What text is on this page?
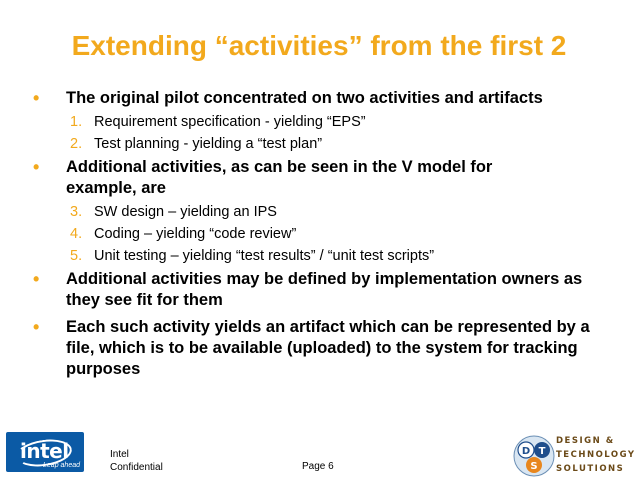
Extending “activities” from the first 2
• The original pilot concentrated on two activities and artifacts
1. Requirement specification - yielding “EPS”
2. Test planning - yielding a “test plan”
• Additional activities, as can be seen in the V model for example, are
3. SW design – yielding an IPS
4. Coding – yielding “code review”
5. Unit testing – yielding “test results” / “unit test scripts”
• Additional activities may be defined by implementation owners as they see fit for them
• Each such activity yields an artifact which can be represented by a file, which is to be available (uploaded) to the system for tracking purposes
intel
Leap ahead
Intel
Confidential	Page 6
D T
S
DESIGN &
TECHNOLOGY
SOLUTIONS
